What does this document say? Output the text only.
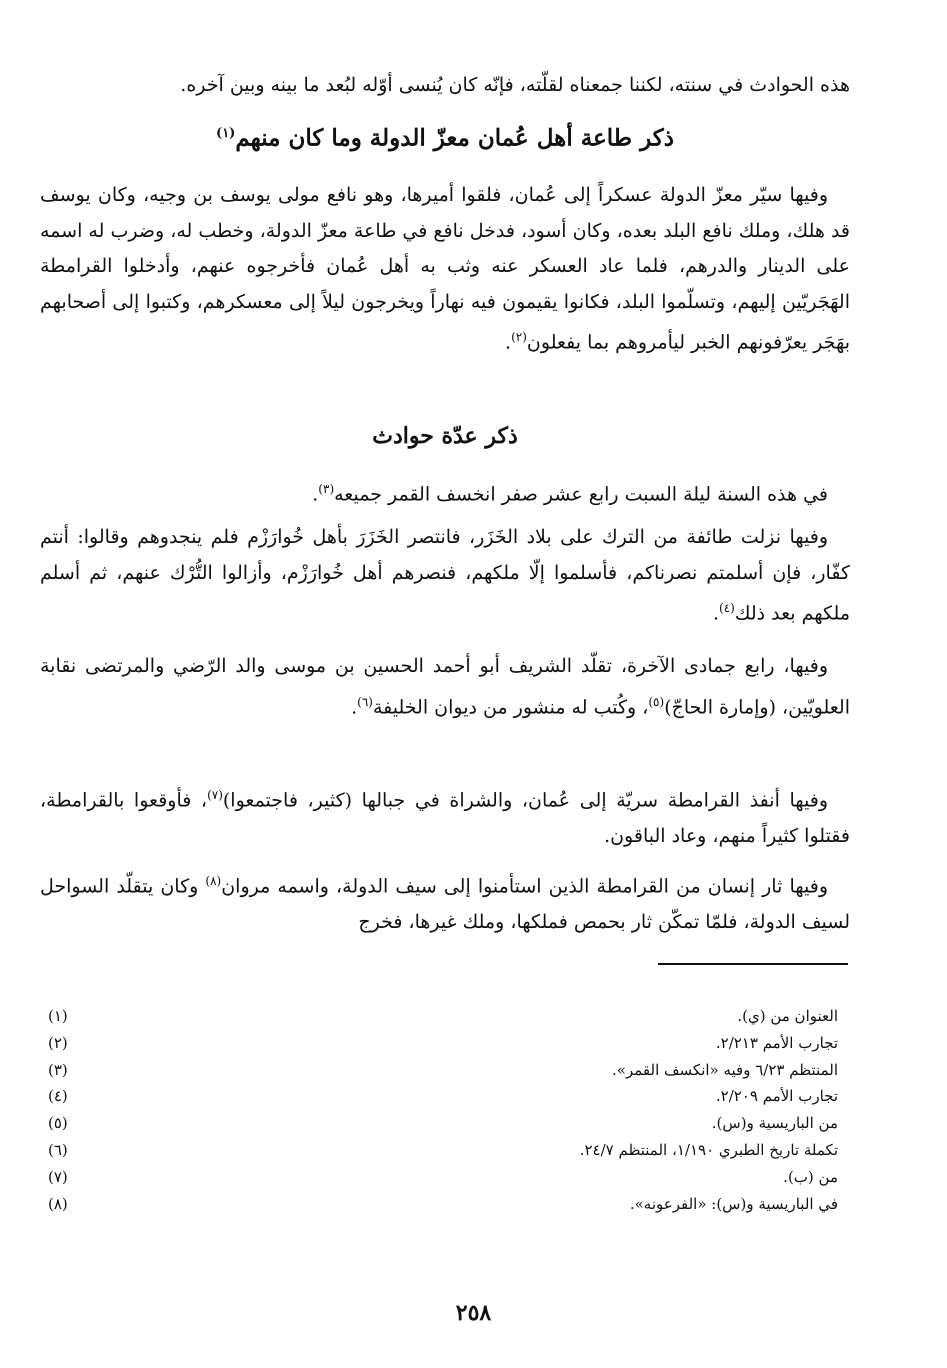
هذه الحوادث في سنته، لكننا جمعناه لقلّته، فإنّه كان يُنسى أوّله لبُعد ما بينه وبين آخره.
ذكر طاعة أهل عُمان معزّ الدولة وما كان منهم$^{(١)}$
وفيها سيّر معزّ الدولة عسكراً إلى عُمان، فلقوا أميرها، وهو نافع مولى يوسف بن وجيه، وكان يوسف قد هلك، وملك نافع البلد بعده، وكان أسود، فدخل نافع في طاعة معزّ الدولة، وخطب له، وضرب له اسمه على الدينار والدرهم، فلما عاد العسكر عنه وثب به أهل عُمان فأخرجوه عنهم، وأدخلوا القرامطة الهَجَريّين إليهم، وتسلّموا البلد، فكانوا يقيمون فيه نهاراً ويخرجون ليلاً إلى معسكرهم، وكتبوا إلى أصحابهم بهَجَر يعرّفونهم الخبر ليأمروهم بما يفعلون$^{(٢)}$.
ذكر عدّة حوادث
في هذه السنة ليلة السبت رابع عشر صفر انخسف القمر جميعه$^{(٣)}$.
وفيها نزلت طائفة من الترك على بلاد الخَزَر، فانتصر الخَزَرَ بأهل خُوارَزْم فلم ينجدوهم وقالوا: أنتم كفّار، فإن أسلمتم نصرناكم، فأسلموا إلّا ملكهم، فنصرهم أهل خُوارَزْم، وأزالوا التُّرْك عنهم، ثم أسلم ملكهم بعد ذلك$^{(٤)}$.
وفيها، رابع جمادى الآخرة، تقلّد الشريف أبو أحمد الحسين بن موسى والد الرّضي والمرتضى نقابة العلويّين، (وإمارة الحاجّ)$^{(٥)}$، وكُتب له منشور من ديوان الخليفة$^{(٦)}$.
وفيها أنفذ القرامطة سريّة إلى عُمان، والشراة في جبالها (كثير، فاجتمعوا)$^{(٧)}$، فأوقعوا بالقرامطة، فقتلوا كثيراً منهم، وعاد الباقون.
وفيها ثار إنسان من القرامطة الذين استأمنوا إلى سيف الدولة، واسمه مروان$^{(٨)}$ وكان يتقلّد السواحل لسيف الدولة، فلمّا تمكّن ثار بحمص فملكها، وملك غيرها، فخرج
العنوان من (ي).
(١)
تجارب الأمم ٢/٢١٣.
(٢)
المنتظم ٦/٢٣ وفيه «انكسف القمر».
(٣)
تجارب الأمم ٢/٢٠٩.
(٤)
من الباريسية و(س).
(٥)
تكملة تاريخ الطبري ١/١٩٠، المنتظم ٢٤/٧.
(٦)
من (ب).
(٧)
في الباريسية و(س): «الفرعونه».
(٨)
٢٥٨
